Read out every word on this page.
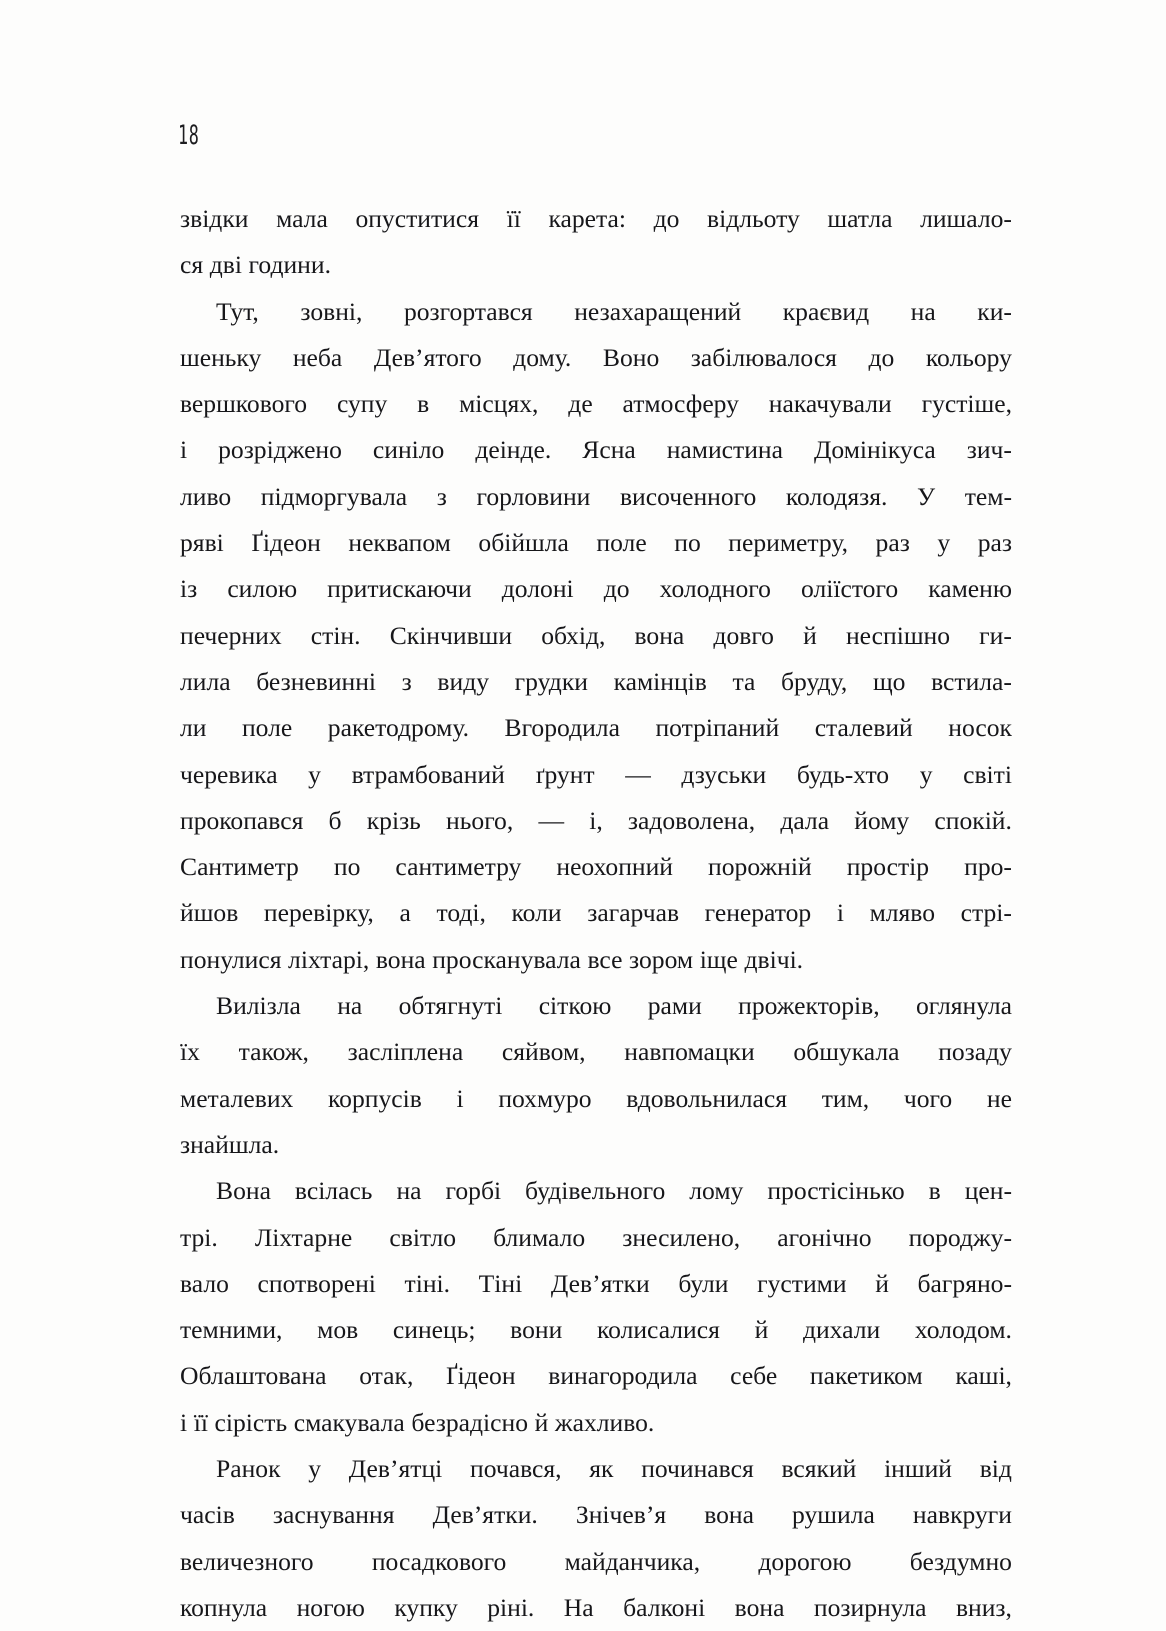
18

звідки мала опуститися її карета: до відльоту шатла лишало-
ся дві години.

Тут, зовні, розгортався незахаращений краєвид на ки-
шеньку неба Дев’ятого дому. Воно забілювалося до кольору
вершкового супу в місцях, де атмосферу накачували густіше,
і розріджено синіло деінде. Ясна намистина Домінікуса зич-
ливо підморгувала з горловини височенного колодязя. У тем-
ряві Ґідеон неквапом обійшла поле по периметру, раз у раз
із силою притискаючи долоні до холодного оліїстого каменю
печерних стін. Скінчивши обхід, вона довго й неспішно ги-
лила безневинні з виду грудки камінців та бруду, що встила-
ли поле ракетодрому. Вгородила потріпаний сталевий носок
черевика у втрамбований ґрунт — дзуськи будь-хто у світі
прокопався б крізь нього, — і, задоволена, дала йому спокій.
Сантиметр по сантиметру неохопний порожній простір про-
йшов перевірку, а тоді, коли загарчав генератор і мляво стрі-
понулися ліхтарі, вона просканувала все зором іще двічі.

Вилізла на обтягнуті сіткою рами прожекторів, оглянула
їх також, засліплена сяйвом, навпомацки обшукала позаду
металевих корпусів і похмуро вдовольнилася тим, чого не
знайшла.

Вона всілась на горбі будівельного лому простісінько в цен-
трі. Ліхтарне світло блимало знесилено, агонічно породжу-
вало спотворені тіні. Тіні Дев’ятки були густими й багряно-
темними, мов синець; вони колисалися й дихали холодом.
Облаштована отак, Ґідеон винагородила себе пакетиком каші,
і її сірість смакувала безрадісно й жахливо.

Ранок у Дев’ятці почався, як починався всякий інший від
часів заснування Дев’ятки. Знічев’я вона рушила навкруги
величезного посадкового майданчика, дорогою бездумно
копнула ногою купку ріні. На балконі вона позирнула вниз,
